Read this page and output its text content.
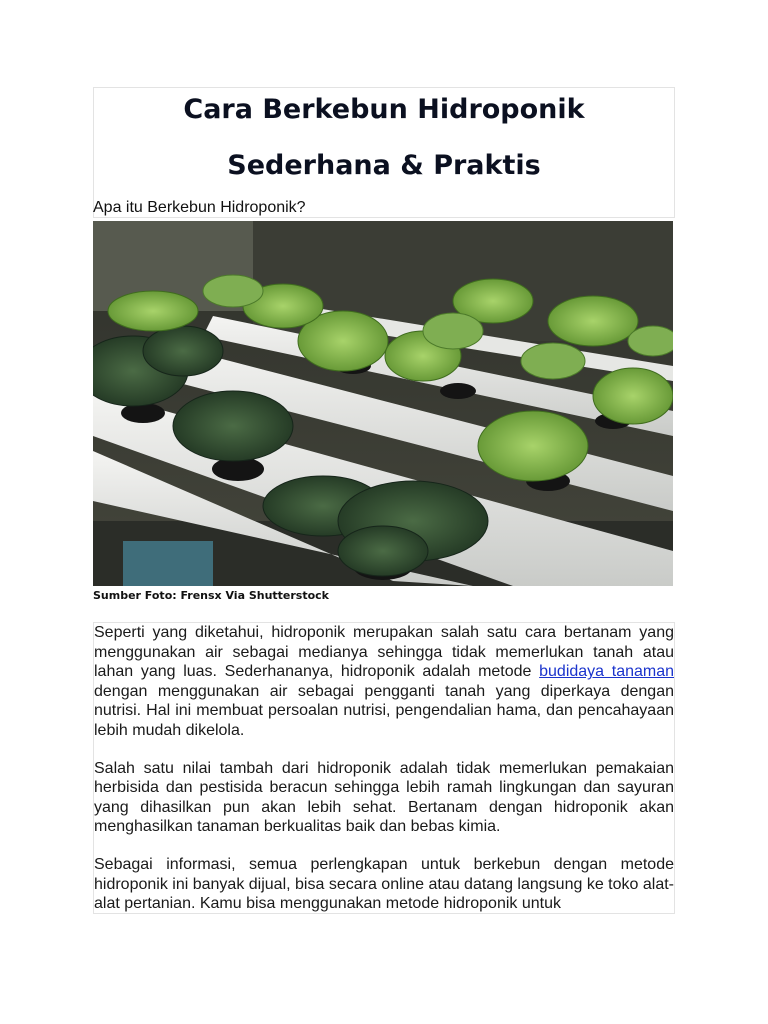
Cara Berkebun Hidroponik
Sederhana & Praktis
Apa itu Berkebun Hidroponik?
Sumber Foto: Frensx Via Shutterstock

Seperti yang diketahui, hidroponik merupakan salah satu cara bertanam yang menggunakan air sebagai medianya sehingga tidak memerlukan tanah atau lahan yang luas. Sederhananya, hidroponik adalah metode budidaya tanaman dengan menggunakan air sebagai pengganti tanah yang diperkaya dengan nutrisi. Hal ini membuat persoalan nutrisi, pengendalian hama, dan pencahayaan lebih mudah dikelola.

Salah satu nilai tambah dari hidroponik adalah tidak memerlukan pemakaian herbisida dan pestisida beracun sehingga lebih ramah lingkungan dan sayuran yang dihasilkan pun akan lebih sehat. Bertanam dengan hidroponik akan menghasilkan tanaman berkualitas baik dan bebas kimia.

Sebagai informasi, semua perlengkapan untuk berkebun dengan metode hidroponik ini banyak dijual, bisa secara online atau datang langsung ke toko alat-alat pertanian. Kamu bisa menggunakan metode hidroponik untuk
